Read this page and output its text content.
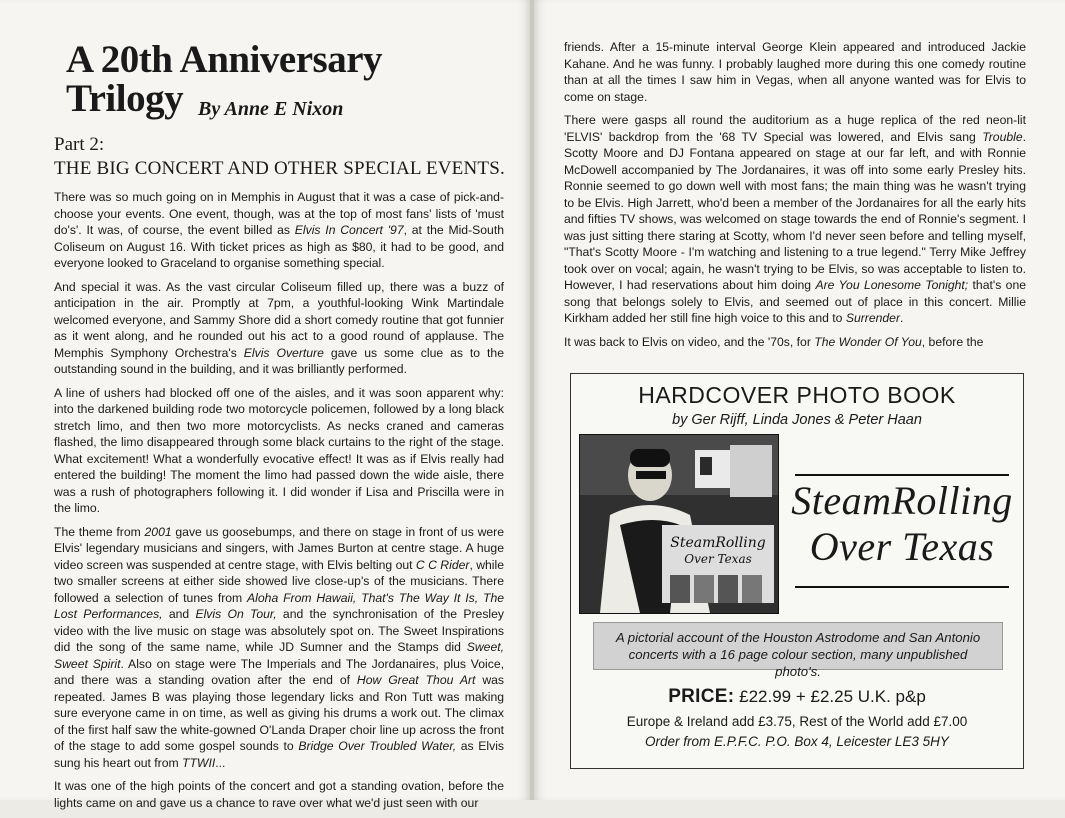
A 20th Anniversary Trilogy By Anne E Nixon
Part 2:
THE BIG CONCERT AND OTHER SPECIAL EVENTS.

There was so much going on in Memphis in August that it was a case of pick-and-choose your events. One event, though, was at the top of most fans' lists of 'must do's'. It was, of course, the event billed as Elvis In Concert '97, at the Mid-South Coliseum on August 16. With ticket prices as high as $80, it had to be good, and everyone looked to Graceland to organise something special.

And special it was. As the vast circular Coliseum filled up, there was a buzz of anticipation in the air. Promptly at 7pm, a youthful-looking Wink Martindale welcomed everyone, and Sammy Shore did a short comedy routine that got funnier as it went along, and he rounded out his act to a good round of applause. The Memphis Symphony Orchestra's Elvis Overture gave us some clue as to the outstanding sound in the building, and it was brilliantly performed.

A line of ushers had blocked off one of the aisles, and it was soon apparent why: into the darkened building rode two motorcycle policemen, followed by a long black stretch limo, and then two more motorcyclists. As necks craned and cameras flashed, the limo disappeared through some black curtains to the right of the stage. What excitement! What a wonderfully evocative effect! It was as if Elvis really had entered the building! The moment the limo had passed down the wide aisle, there was a rush of photographers following it. I did wonder if Lisa and Priscilla were in the limo.

The theme from 2001 gave us goosebumps, and there on stage in front of us were Elvis' legendary musicians and singers, with James Burton at centre stage. A huge video screen was suspended at centre stage, with Elvis belting out C C Rider, while two smaller screens at either side showed live close-up's of the musicians. There followed a selection of tunes from Aloha From Hawaii, That's The Way It Is, The Lost Performances, and Elvis On Tour, and the synchronisation of the Presley video with the live music on stage was absolutely spot on. The Sweet Inspirations did the song of the same name, while JD Sumner and the Stamps did Sweet, Sweet Spirit. Also on stage were The Imperials and The Jordanaires, plus Voice, and there was a standing ovation after the end of How Great Thou Art was repeated. James B was playing those legendary licks and Ron Tutt was making sure everyone came in on time, as well as giving his drums a work out. The climax of the first half saw the white-gowned O'Landa Draper choir line up across the front of the stage to add some gospel sounds to Bridge Over Troubled Water, as Elvis sung his heart out from TTWII...

It was one of the high points of the concert and got a standing ovation, before the lights came on and gave us a chance to rave over what we'd just seen with our

friends. After a 15-minute interval George Klein appeared and introduced Jackie Kahane. And he was funny. I probably laughed more during this one comedy routine than at all the times I saw him in Vegas, when all anyone wanted was for Elvis to come on stage.

There were gasps all round the auditorium as a huge replica of the red neon-lit 'ELVIS' backdrop from the '68 TV Special was lowered, and Elvis sang Trouble. Scotty Moore and DJ Fontana appeared on stage at our far left, and with Ronnie McDowell accompanied by The Jordanaires, it was off into some early Presley hits. Ronnie seemed to go down well with most fans; the main thing was he wasn't trying to be Elvis. High Jarrett, who'd been a member of the Jordanaires for all the early hits and fifties TV shows, was welcomed on stage towards the end of Ronnie's segment. I was just sitting there staring at Scotty, whom I'd never seen before and telling myself, "That's Scotty Moore - I'm watching and listening to a true legend." Terry Mike Jeffrey took over on vocal; again, he wasn't trying to be Elvis, so was acceptable to listen to. However, I had reservations about him doing Are You Lonesome Tonight; that's one song that belongs solely to Elvis, and seemed out of place in this concert. Millie Kirkham added her still fine high voice to this and to Surrender.

It was back to Elvis on video, and the '70s, for The Wonder Of You, before the

HARDCOVER PHOTO BOOK
by Ger Rijff, Linda Jones & Peter Haan
SteamRolling
Over Texas
SteamRolling
Over Texas
A pictorial account of the Houston Astrodome and San Antonio concerts with a 16 page colour section, many unpublished photo's.
PRICE: £22.99 + £2.25 U.K. p&p
Europe & Ireland add £3.75, Rest of the World add £7.00
Order from E.P.F.C. P.O. Box 4, Leicester LE3 5HY
